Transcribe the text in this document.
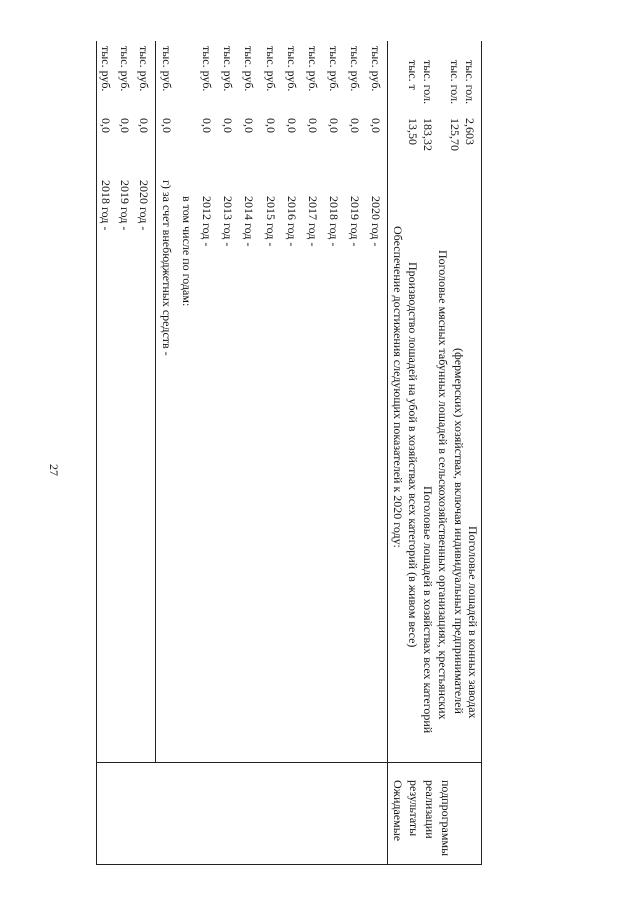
27
2018 год -
0,0
тыс. руб.
2019 год -
0,0
тыс. руб.
2020 год -
0,0
тыс. руб.
г) за счет внебюджетных средств -
0,0
тыс. руб.
в том числе по годам: 2012 год -
0,0
тыс. руб.
2013 год -
0,0
тыс. руб.
2014 год -
0,0
тыс. руб.
2015 год -
0,0
тыс. руб.
2016 год -
0,0
тыс. руб.
2017 год -
0,0
тыс. руб.
2018 год -
0,0
тыс. руб.
2019 год -
0,0
тыс. руб.
2020 год -
0,0
тыс. руб.
Ожидаемые результаты реализации подпрограммы
Обеспечение достижения следующих показателей к 2020 году: Производство лошадей на убой в хозяйствах всех категорий (в живом весе)
13,50
тыс. т
Поголовье лошадей в хозяйствах всех категорий
183,32
тыс. гол.
Поголовье мясных табунных лошадей в сельскохозяйственных организациях, крестьянских
125,70
тыс. гол.
(фермерских) хозяйствах, включая индивидуальных предпринимателей Поголовье лошадей в конных заводах
2,603
тыс. гол.
